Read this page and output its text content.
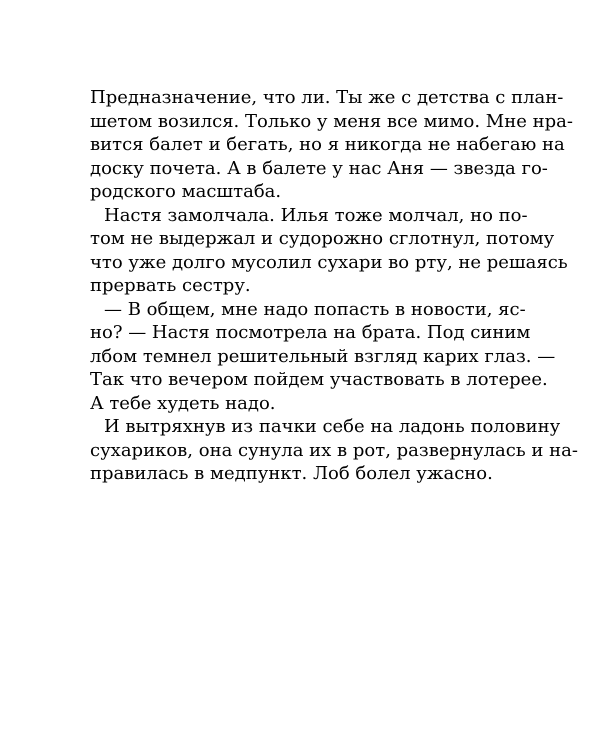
Предназначение, что ли. Ты же с детства с план-
шетом возился. Только у меня все мимо. Мне нра-
вится балет и бегать, но я никогда не набегаю на
доску почета. А в балете у нас Аня — звезда го-
родского масштаба.
Настя замолчала. Илья тоже молчал, но по-
том не выдержал и судорожно сглотнул, потому
что уже долго мусолил сухари во рту, не решаясь
прервать сестру.
— В общем, мне надо попасть в новости, яс-
но? — Настя посмотрела на брата. Под синим
лбом темнел решительный взгляд карих глаз. —
Так что вечером пойдем участвовать в лотерее.
А тебе худеть надо.
И вытряхнув из пачки себе на ладонь половину
сухариков, она сунула их в рот, развернулась и на-
правилась в медпункт. Лоб болел ужасно.
